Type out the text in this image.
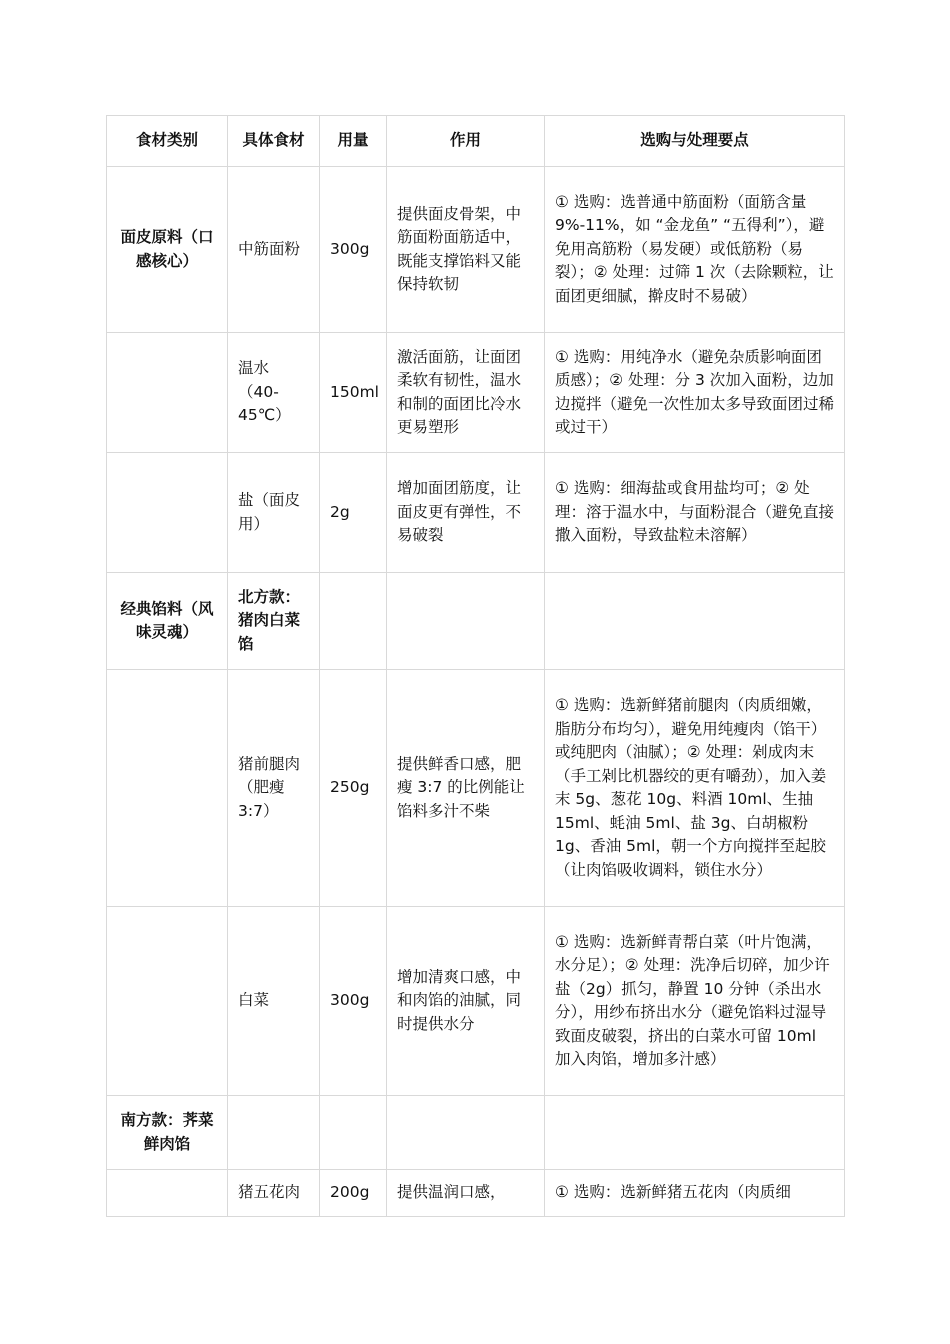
食材类别	具体食材	用量	作用	选购与处理要点
面皮原料（口感核心）	中筋面粉	300g	提供面皮骨架，中筋面粉面筋适中，既能支撑馅料又能保持软韧	① 选购：选普通中筋面粉（面筋含量 9%-11%，如 “金龙鱼” “五得利”），避免用高筋粉（易发硬）或低筋粉（易裂）；② 处理：过筛 1 次（去除颗粒，让面团更细腻，擀皮时不易破）
	温水（40-45℃）	150ml	激活面筋，让面团柔软有韧性，温水和制的面团比冷水更易塑形	① 选购：用纯净水（避免杂质影响面团质感）；② 处理：分 3 次加入面粉，边加边搅拌（避免一次性加太多导致面团过稀或过干）
	盐（面皮用）	2g	增加面团筋度，让面皮更有弹性，不易破裂	① 选购：细海盐或食用盐均可；② 处理：溶于温水中，与面粉混合（避免直接撒入面粉，导致盐粒未溶解）
经典馅料（风味灵魂）	北方款：猪肉白菜馅			
	猪前腿肉（肥瘦 3:7）	250g	提供鲜香口感，肥瘦 3:7 的比例能让馅料多汁不柴	① 选购：选新鲜猪前腿肉（肉质细嫩，脂肪分布均匀），避免用纯瘦肉（馅干）或纯肥肉（油腻）；② 处理：剁成肉末（手工剁比机器绞的更有嚼劲），加入姜末 5g、葱花 10g、料酒 10ml、生抽 15ml、蚝油 5ml、盐 3g、白胡椒粉 1g、香油 5ml，朝一个方向搅拌至起胶（让肉馅吸收调料，锁住水分）
	白菜	300g	增加清爽口感，中和肉馅的油腻，同时提供水分	① 选购：选新鲜青帮白菜（叶片饱满，水分足）；② 处理：洗净后切碎，加少许盐（2g）抓匀，静置 10 分钟（杀出水分），用纱布挤出水分（避免馅料过湿导致面皮破裂，挤出的白菜水可留 10ml 加入肉馅，增加多汁感）
南方款：荠菜鲜肉馅				
	猪五花肉	200g	提供温润口感，	① 选购：选新鲜猪五花肉（肉质细
